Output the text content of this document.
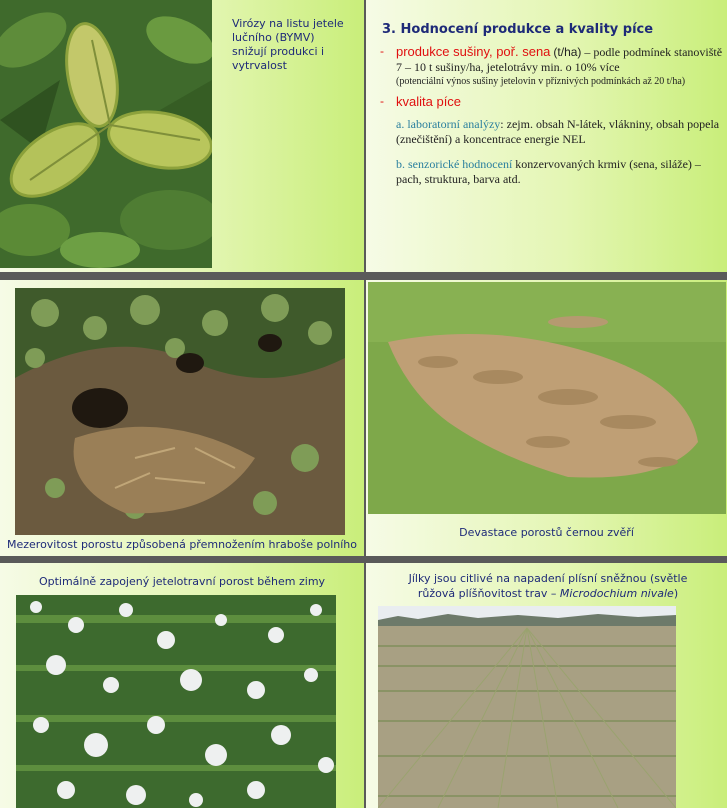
Virózy na listu jetele
lučního (BYMV)
snižují produkci i
vytrvalost
3. Hodnocení produkce a kvality píce
- produkce sušiny, poř. sena (t/ha) – podle podmínek stanoviště 7 – 10 t sušiny/ha, jetelotrávy min. o 10% více
(potenciální výnos sušiny jetelovin v příznivých podmínkách až 20 t/ha)
- kvalita píce
a. laboratorní analýzy: zejm. obsah N-látek, vlákniny, obsah popela (znečištění) a koncentrace energie NEL
b. senzorické hodnocení konzervovaných krmiv (sena, siláže) – pach, struktura, barva atd.
Mezerovitost porostu způsobená přemnožením hraboše polního
Devastace porostů černou zvěří
Optimálně zapojený jetelotravní porost během zimy	Jílky jsou citlivé na napadení plísní sněžnou (světle
růžová plíšňovitost trav – Microdochium nivale)
